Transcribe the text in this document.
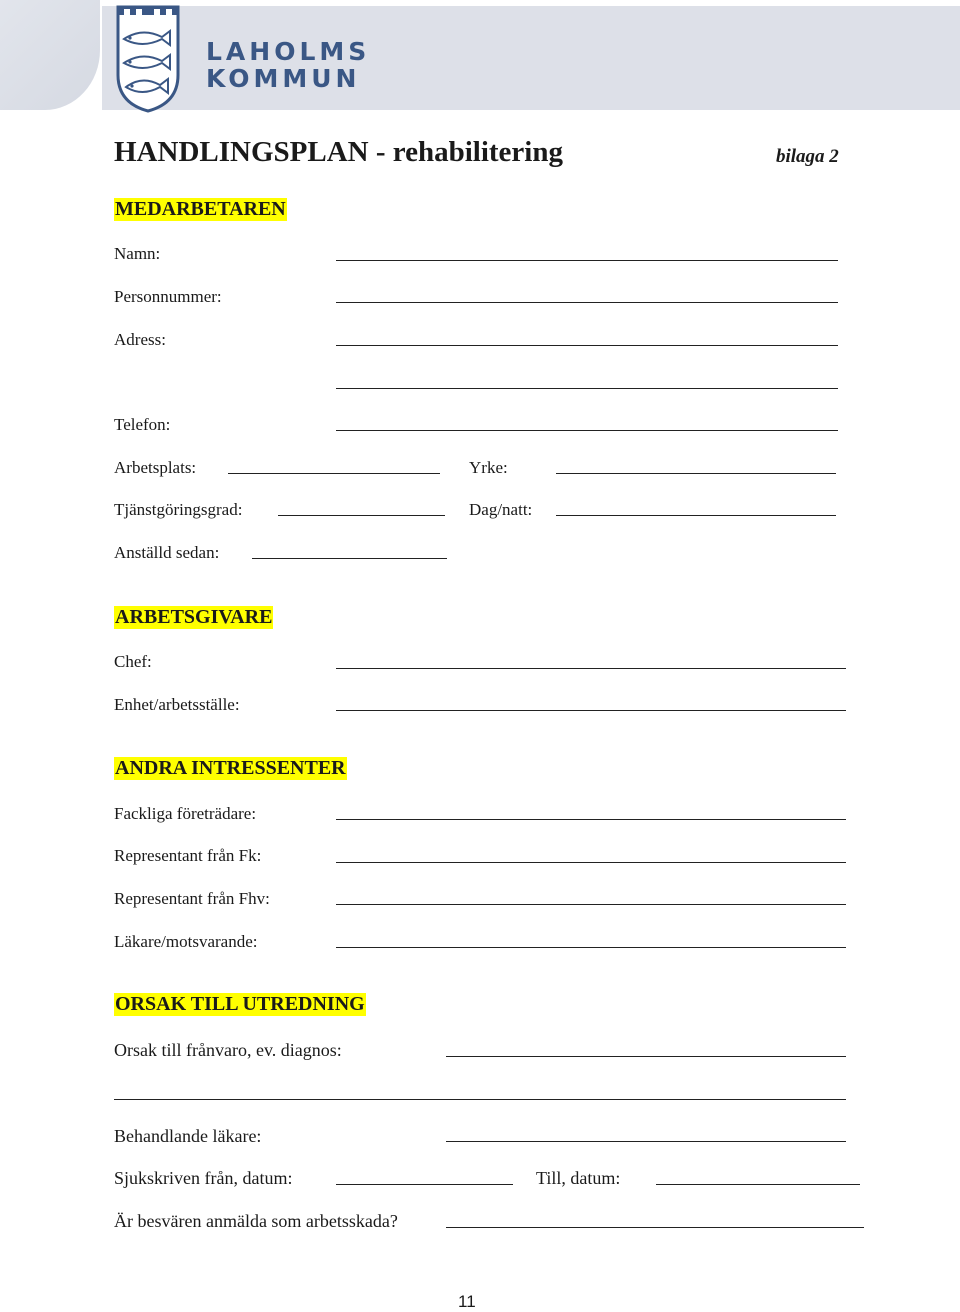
LAHOLMS
KOMMUN
HANDLINGSPLAN - rehabilitering	bilaga 2
MEDARBETAREN
Namn:
Personnummer:
Adress:
Telefon:
Arbetsplats:	Yrke:
Tjänstgöringsgrad:	Dag/natt:
Anställd sedan:
ARBETSGIVARE
Chef:
Enhet/arbetsställe:
ANDRA INTRESSENTER
Fackliga företrädare:
Representant från Fk:
Representant från Fhv:
Läkare/motsvarande:
ORSAK TILL UTREDNING
Orsak till frånvaro, ev. diagnos:
Behandlande läkare:
Sjukskriven från, datum:	Till, datum:
Är besvären anmälda som arbetsskada?
11
